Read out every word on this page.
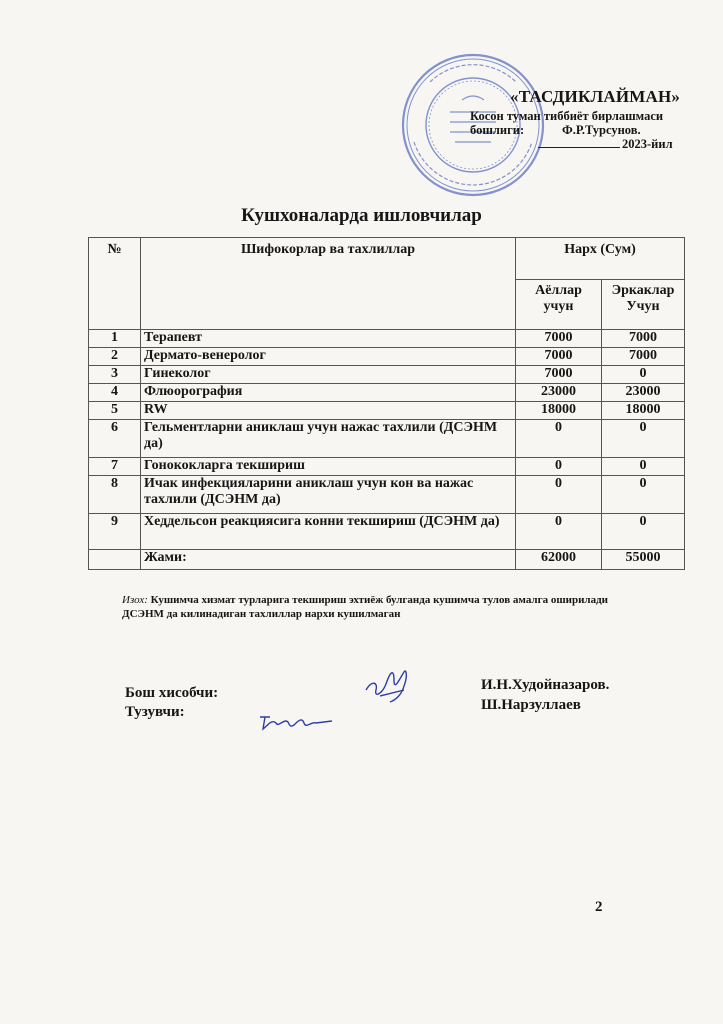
«ТАСДИКЛАЙМАН»
Косон туман тиббиёт бирлашмаси
бошлиги:	Ф.Р.Турсунов.
2023-йил
Кушхоналарда ишловчилар
№	Шифокорлар ва тахлиллар	Нарх (Сум)	
		Аёллар учун	Эркаклар Учун
1	Терапевт	7000	7000
2	Дермато-венеролог	7000	7000
3	Гинеколог	7000	0
4	Флюорография	23000	23000
5	RW	18000	18000
6	Гельментларни аниклаш учун нажас тахлили (ДСЭНМ да)	0	0
7	Гонококларга текшириш	0	0
8	Ичак инфекцияларини аниклаш учун кон ва нажас тахлили (ДСЭНМ да)	0	0
9	Хеддельсон реакциясига конни текшириш (ДСЭНМ да)	0	0
	Жами:	62000	55000
Изох: Кушимча хизмат турларига текшириш эхтиёж булганда кушимча тулов амалга оширилади
ДСЭНМ да килинадиган тахлиллар нархи кушилмаган
Бош хисобчи:
Тузувчи:
И.Н.Худойназаров.
Ш.Нарзуллаев
2
